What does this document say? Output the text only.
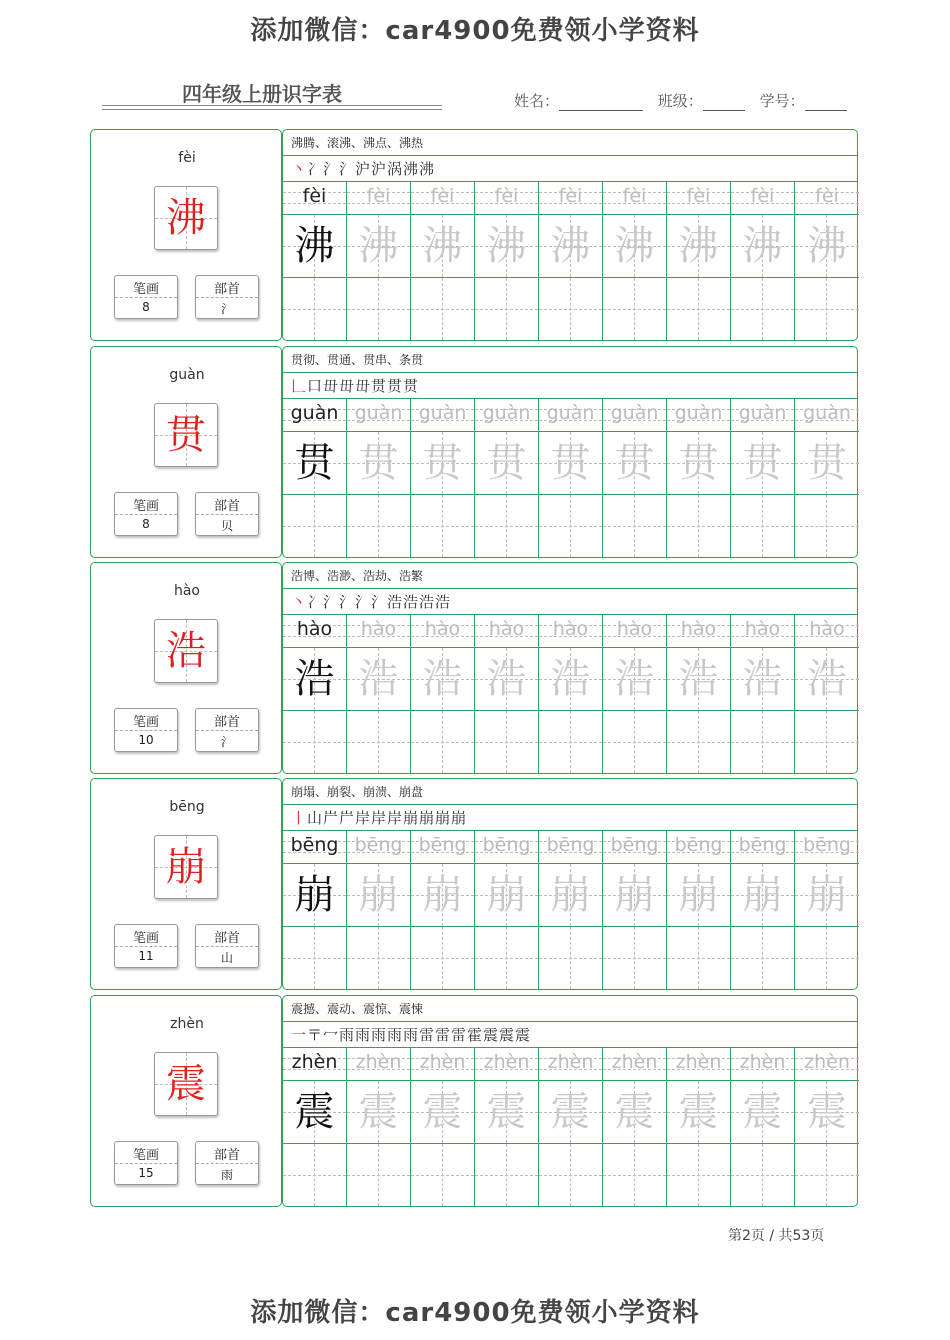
添加微信：car4900免费领小学资料
四年级上册识字表	姓名：	班级：	学号：
fèi
沸
笔画
8
部首
氵
沸腾、滚沸、沸点、沸热
丶冫氵氵沪沪涡沸沸
fèi	fèi	fèi	fèi	fèi	fèi	fèi	fèi	fèi
沸 沸 沸 沸 沸 沸 沸 沸 沸
guàn
贯
笔画
8
部首
贝
贯彻、贯通、贯串、条贯
𠃊口毌毌毌贯贯贯
guàn guàn guàn guàn guàn guàn guàn guàn guàn
贯 贯 贯 贯 贯 贯 贯 贯 贯
hào
浩
笔画
10
部首
氵
浩博、浩渺、浩劫、浩繁
丶冫氵氵氵氵浩浩浩浩
hào	hào	hào	hào	hào	hào	hào	hào	hào
浩 浩 浩 浩 浩 浩 浩 浩 浩
bēng
崩
笔画
11
部首
山
崩塌、崩裂、崩溃、崩盘
丨山屵屵岸岸岸崩崩崩崩
bēng bēng bēng bēng bēng bēng bēng bēng bēng
崩 崩 崩 崩 崩 崩 崩 崩 崩
zhèn
震
笔画
15
部首
雨
震撼、震动、震惊、震悚
一〒冖雨雨雨雨雨雷雷雷霍震震震
zhèn zhèn zhèn zhèn zhèn zhèn zhèn zhèn zhèn
震 震 震 震 震 震 震 震 震
第2页 / 共53页
添加微信：car4900免费领小学资料
